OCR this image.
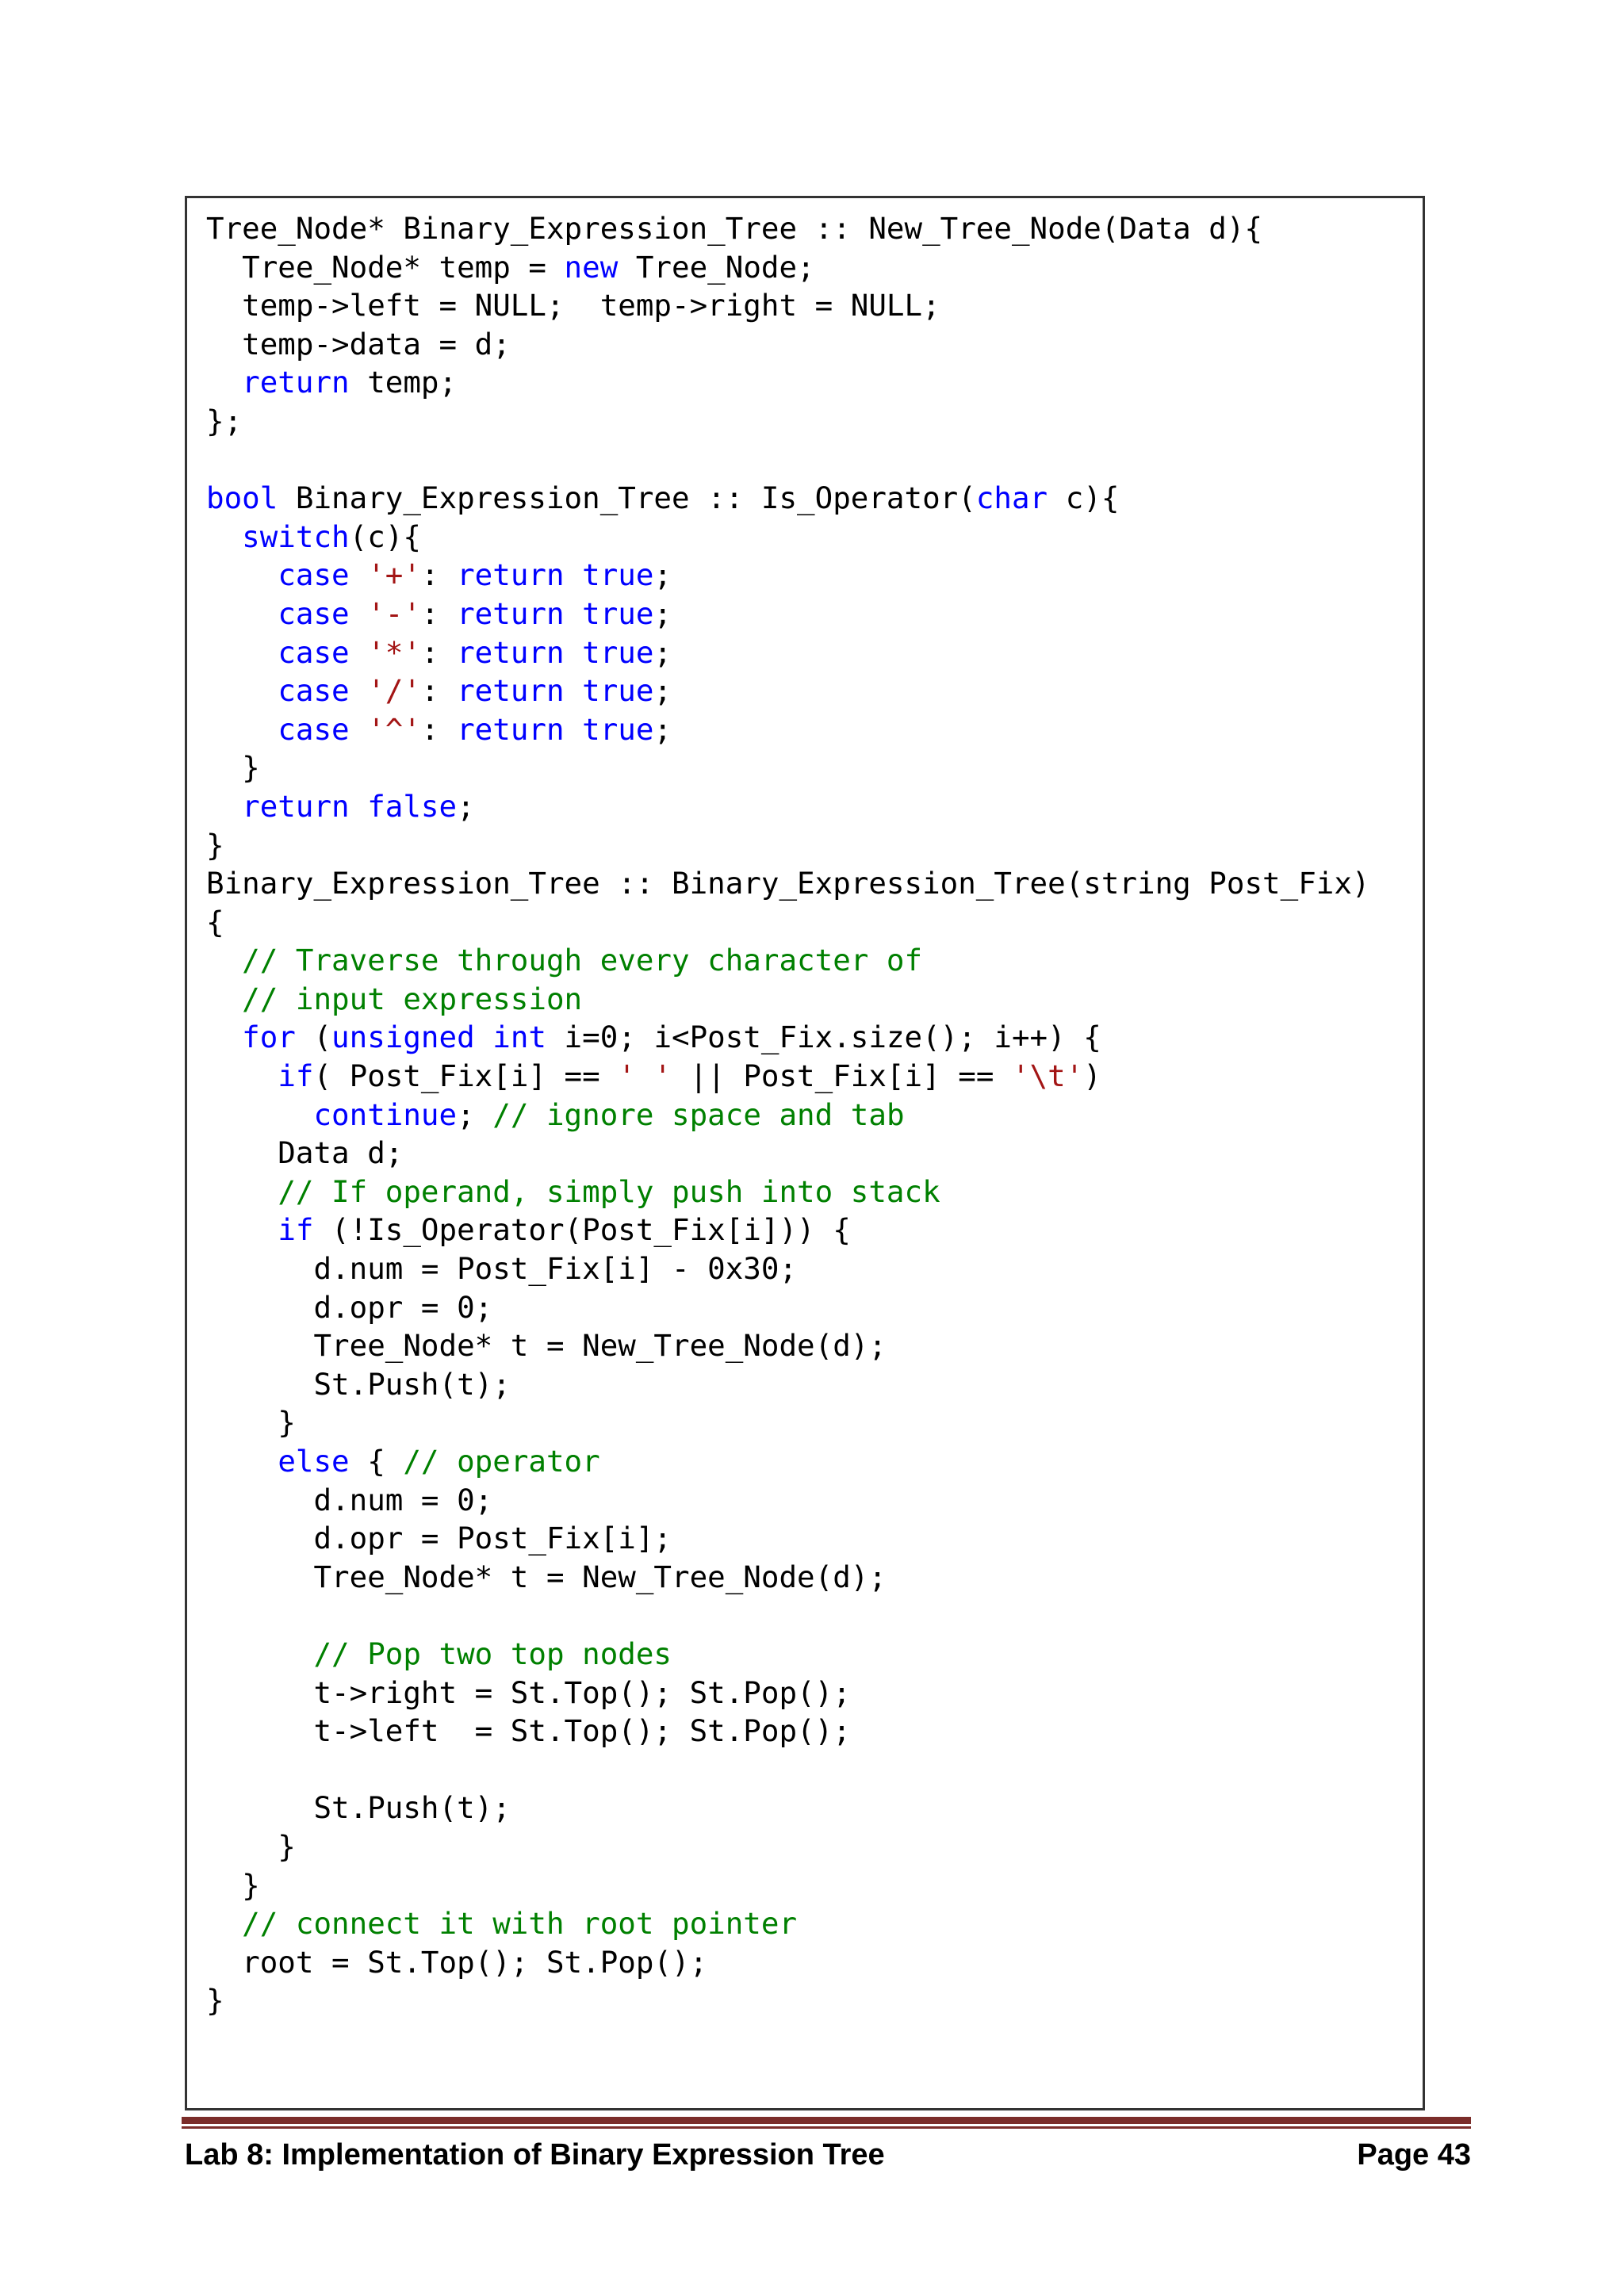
Tree_Node* Binary_Expression_Tree :: New_Tree_Node(Data d){
Tree_Node* temp = new Tree_Node;
temp->left = NULL;  temp->right = NULL;
temp->data = d;
return temp;
};

bool Binary_Expression_Tree :: Is_Operator(char c){
switch(c){
case '+': return true;
case '-': return true;
case '*': return true;
case '/': return true;
case '^': return true;
}
return false;
}
Binary_Expression_Tree :: Binary_Expression_Tree(string Post_Fix)
{
// Traverse through every character of
// input expression
for (unsigned int i=0; i<Post_Fix.size(); i++) {
if( Post_Fix[i] == ' ' || Post_Fix[i] == '\t')
continue; // ignore space and tab
Data d;
// If operand, simply push into stack
if (!Is_Operator(Post_Fix[i])) {
d.num = Post_Fix[i] - 0x30;
d.opr = 0;
Tree_Node* t = New_Tree_Node(d);
St.Push(t);
}
else { // operator
d.num = 0;
d.opr = Post_Fix[i];
Tree_Node* t = New_Tree_Node(d);

// Pop two top nodes
t->right = St.Top(); St.Pop();
t->left  = St.Top(); St.Pop();

St.Push(t);
}
}
// connect it with root pointer
root = St.Top(); St.Pop();
}
Lab 8: Implementation of Binary Expression Tree	Page 43
